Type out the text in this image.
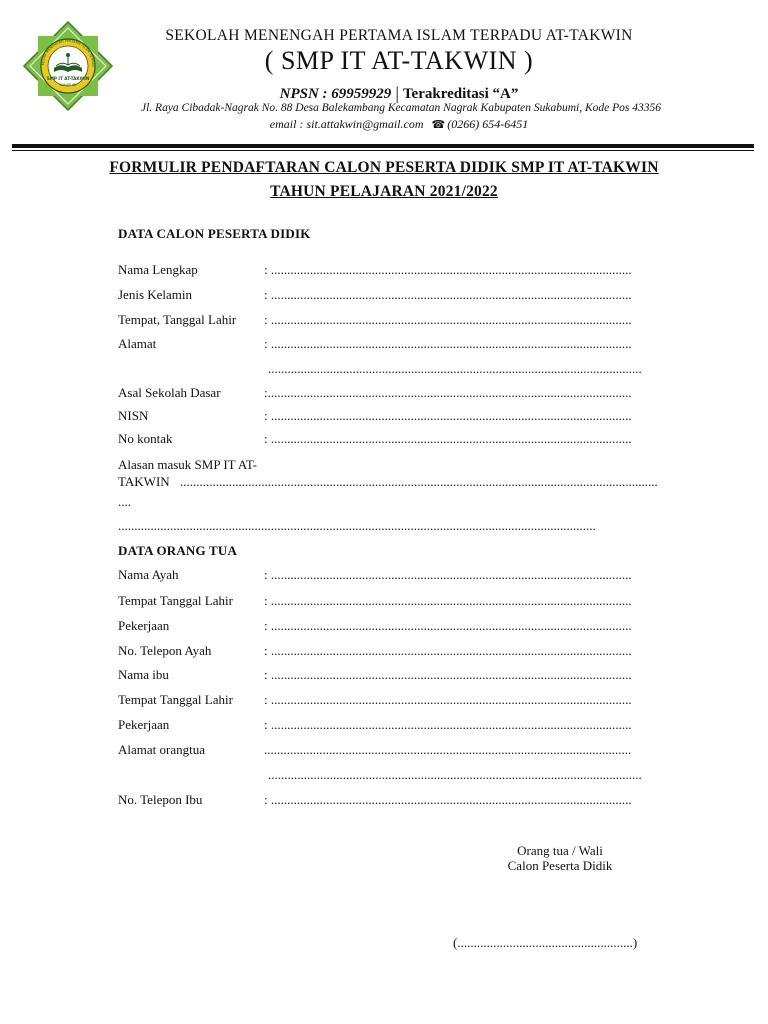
SMP IT AT-TAKWIN
SUKABUMI
KOLAH MENENGAH PERTAMA ISLAM TERPAD
SEKOLAH MENENGAH PERTAMA ISLAM TERPADU AT-TAKWIN
( SMP IT AT-TAKWIN )
NPSN : 69959929 | Terakreditasi “A”
Jl. Raya Cibadak-Nagrak No. 88 Desa Balekambang Kecamatan Nagrak Kabupaten Sukabumi, Kode Pos 43356
email : sit.attakwin@gmail.com ☎ (0266) 654-6451
FORMULIR PENDAFTARAN CALON PESERTA DIDIK SMP IT AT-TAKWIN
TAHUN PELAJARAN 2021/2022
DATA CALON PESERTA DIDIK
Nama Lengkap	: ...............................................................................................................
Jenis Kelamin	: ...............................................................................................................
Tempat, Tanggal Lahir : ...............................................................................................................
Alamat	: ...............................................................................................................
...................................................................................................................
Asal Sekolah Dasar	:................................................................................................................
NISN	: ...............................................................................................................
No kontak	: ...............................................................................................................
Alasan masuk SMP IT AT-
TAKWIN ...................................................................................................................................................
....
...................................................................................................................................................
DATA ORANG TUA
Nama Ayah	: ...............................................................................................................
Tempat Tanggal Lahir : ...............................................................................................................
Pekerjaan	: ...............................................................................................................
No. Telepon Ayah	: ...............................................................................................................
Nama ibu	: ...............................................................................................................
Tempat Tanggal Lahir : ...............................................................................................................
Pekerjaan	: ...............................................................................................................
Alamat orangtua	.................................................................................................................
...................................................................................................................
No. Telepon Ibu	: ...............................................................................................................
Orang tua / Wali
Calon Peserta Didik
(......................................................)
